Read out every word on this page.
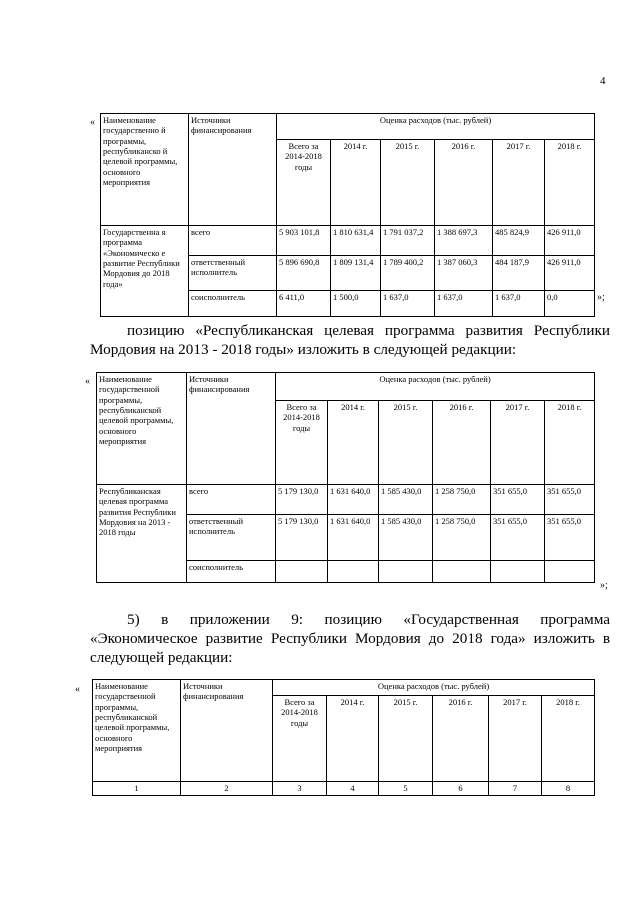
4
« Наименование государственно й программы, республиканско й целевой программы, основного мероприятия	Источники финансирования	Оценка расходов (тыс. рублей)					
		Всего за 2014-2018 годы	2014 г.	2015 г.	2016 г.	2017 г.	2018 г.
Государственна я программа «Экономическо е развитие Республики Мордовия до 2018 года»	всего	5 903 101,8	1 810 631,4	1 791 037,2	1 388 697,3	485 824,9	426 911,0
	ответственный исполнитель	5 896 690,8	1 809 131,4	1 789 400,2	1 387 060,3	484 187,9	426 911,0
	соисполнитель	6 411,0	1 500,0	1 637,0	1 637,0	1 637,0	0,0	»;
позицию «Республиканская целевая программа развития Республики
Мордовия на 2013 - 2018 годы» изложить в следующей редакции:
« Наименование государственной программы, республиканской целевой программы, основного мероприятия	Источники финансирования	Оценка расходов (тыс. рублей)					
		Всего за 2014-2018 годы	2014 г.	2015 г.	2016 г.	2017 г.	2018 г.
Республиканская целевая программа развития Республики Мордовия на 2013 - 2018 годы	всего	5 179 130,0	1 631 640,0	1 585 430,0	1 258 750,0	351 655,0	351 655,0
	ответственный исполнитель	5 179 130,0	1 631 640,0	1 585 430,0	1 258 750,0	351 655,0	351 655,0
	соисполнитель						
»;
5) в приложении 9: позицию «Государственная программа
«Экономическое развитие Республики Мордовия до 2018 года» изложить в
следующей редакции:
« Наименование государственной программы, республиканской целевой программы, основного мероприятия	Источники финансирования	Оценка расходов (тыс. рублей)					
		Всего за 2014-2018 годы	2014 г.	2015 г.	2016 г.	2017 г.	2018 г.
1	2	3	4	5	6	7	8
